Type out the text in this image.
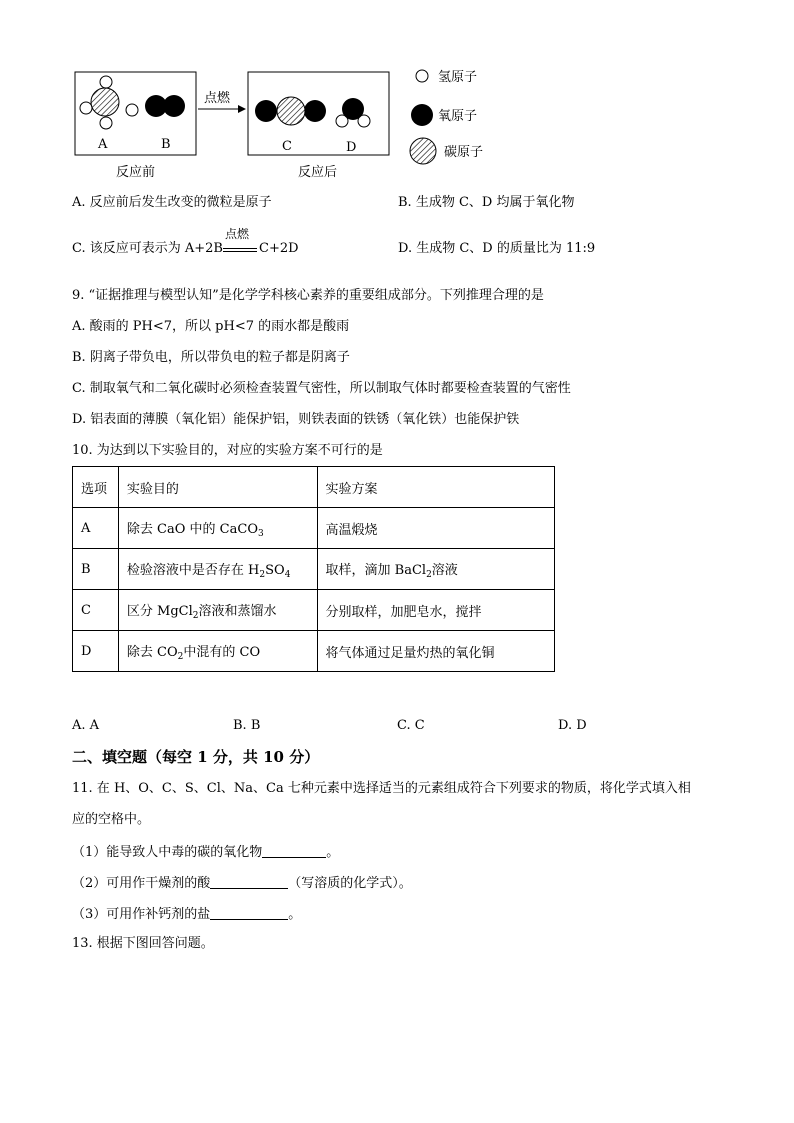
A	B
点燃
C	D
反应前	反应后
氢原子
氧原子
碳原子
A. 反应前后发生改变的微粒是原子	B. 生成物 C、D 均属于氧化物
C. 该反应可表示为 A+2B
点燃
C+2D	D. 生成物 C、D 的质量比为 11:9
9. “证据推理与模型认知”是化学学科核心素养的重要组成部分。下列推理合理的是
A. 酸雨的 PH<7，所以 pH<7 的雨水都是酸雨
B. 阴离子带负电，所以带负电的粒子都是阴离子
C. 制取氧气和二氧化碳时必须检查装置气密性，所以制取气体时都要检查装置的气密性
D. 铝表面的薄膜（氧化铝）能保护铝，则铁表面的铁锈（氧化铁）也能保护铁
10. 为达到以下实验目的，对应的实验方案不可行的是
选项	实验目的	实验方案
A	除去 CaO 中的 CaCO$_3$	高温煅烧
B	检验溶液中是否存在 $H_2SO_4$	取样，滴加 BaCl$_2$溶液
C	区分 MgCl$_2$溶液和蒸馏水	分别取样，加肥皂水，搅拌
D	除去 $CO_2$中混有的 CO	将气体通过足量灼热的氧化铜
A. A	B. B	C. C	D. D
二、填空题（每空 1 分，共 10 分）
11. 在 H、O、C、S、Cl、Na、Ca 七种元素中选择适当的元素组成符合下列要求的物质，将化学式填入相
应的空格中。
（1）能导致人中毒的碳的氧化物	。
（2）可用作干燥剂的酸	（写溶质的化学式）。
（3）可用作补钙剂的盐	。
13. 根据下图回答问题。
